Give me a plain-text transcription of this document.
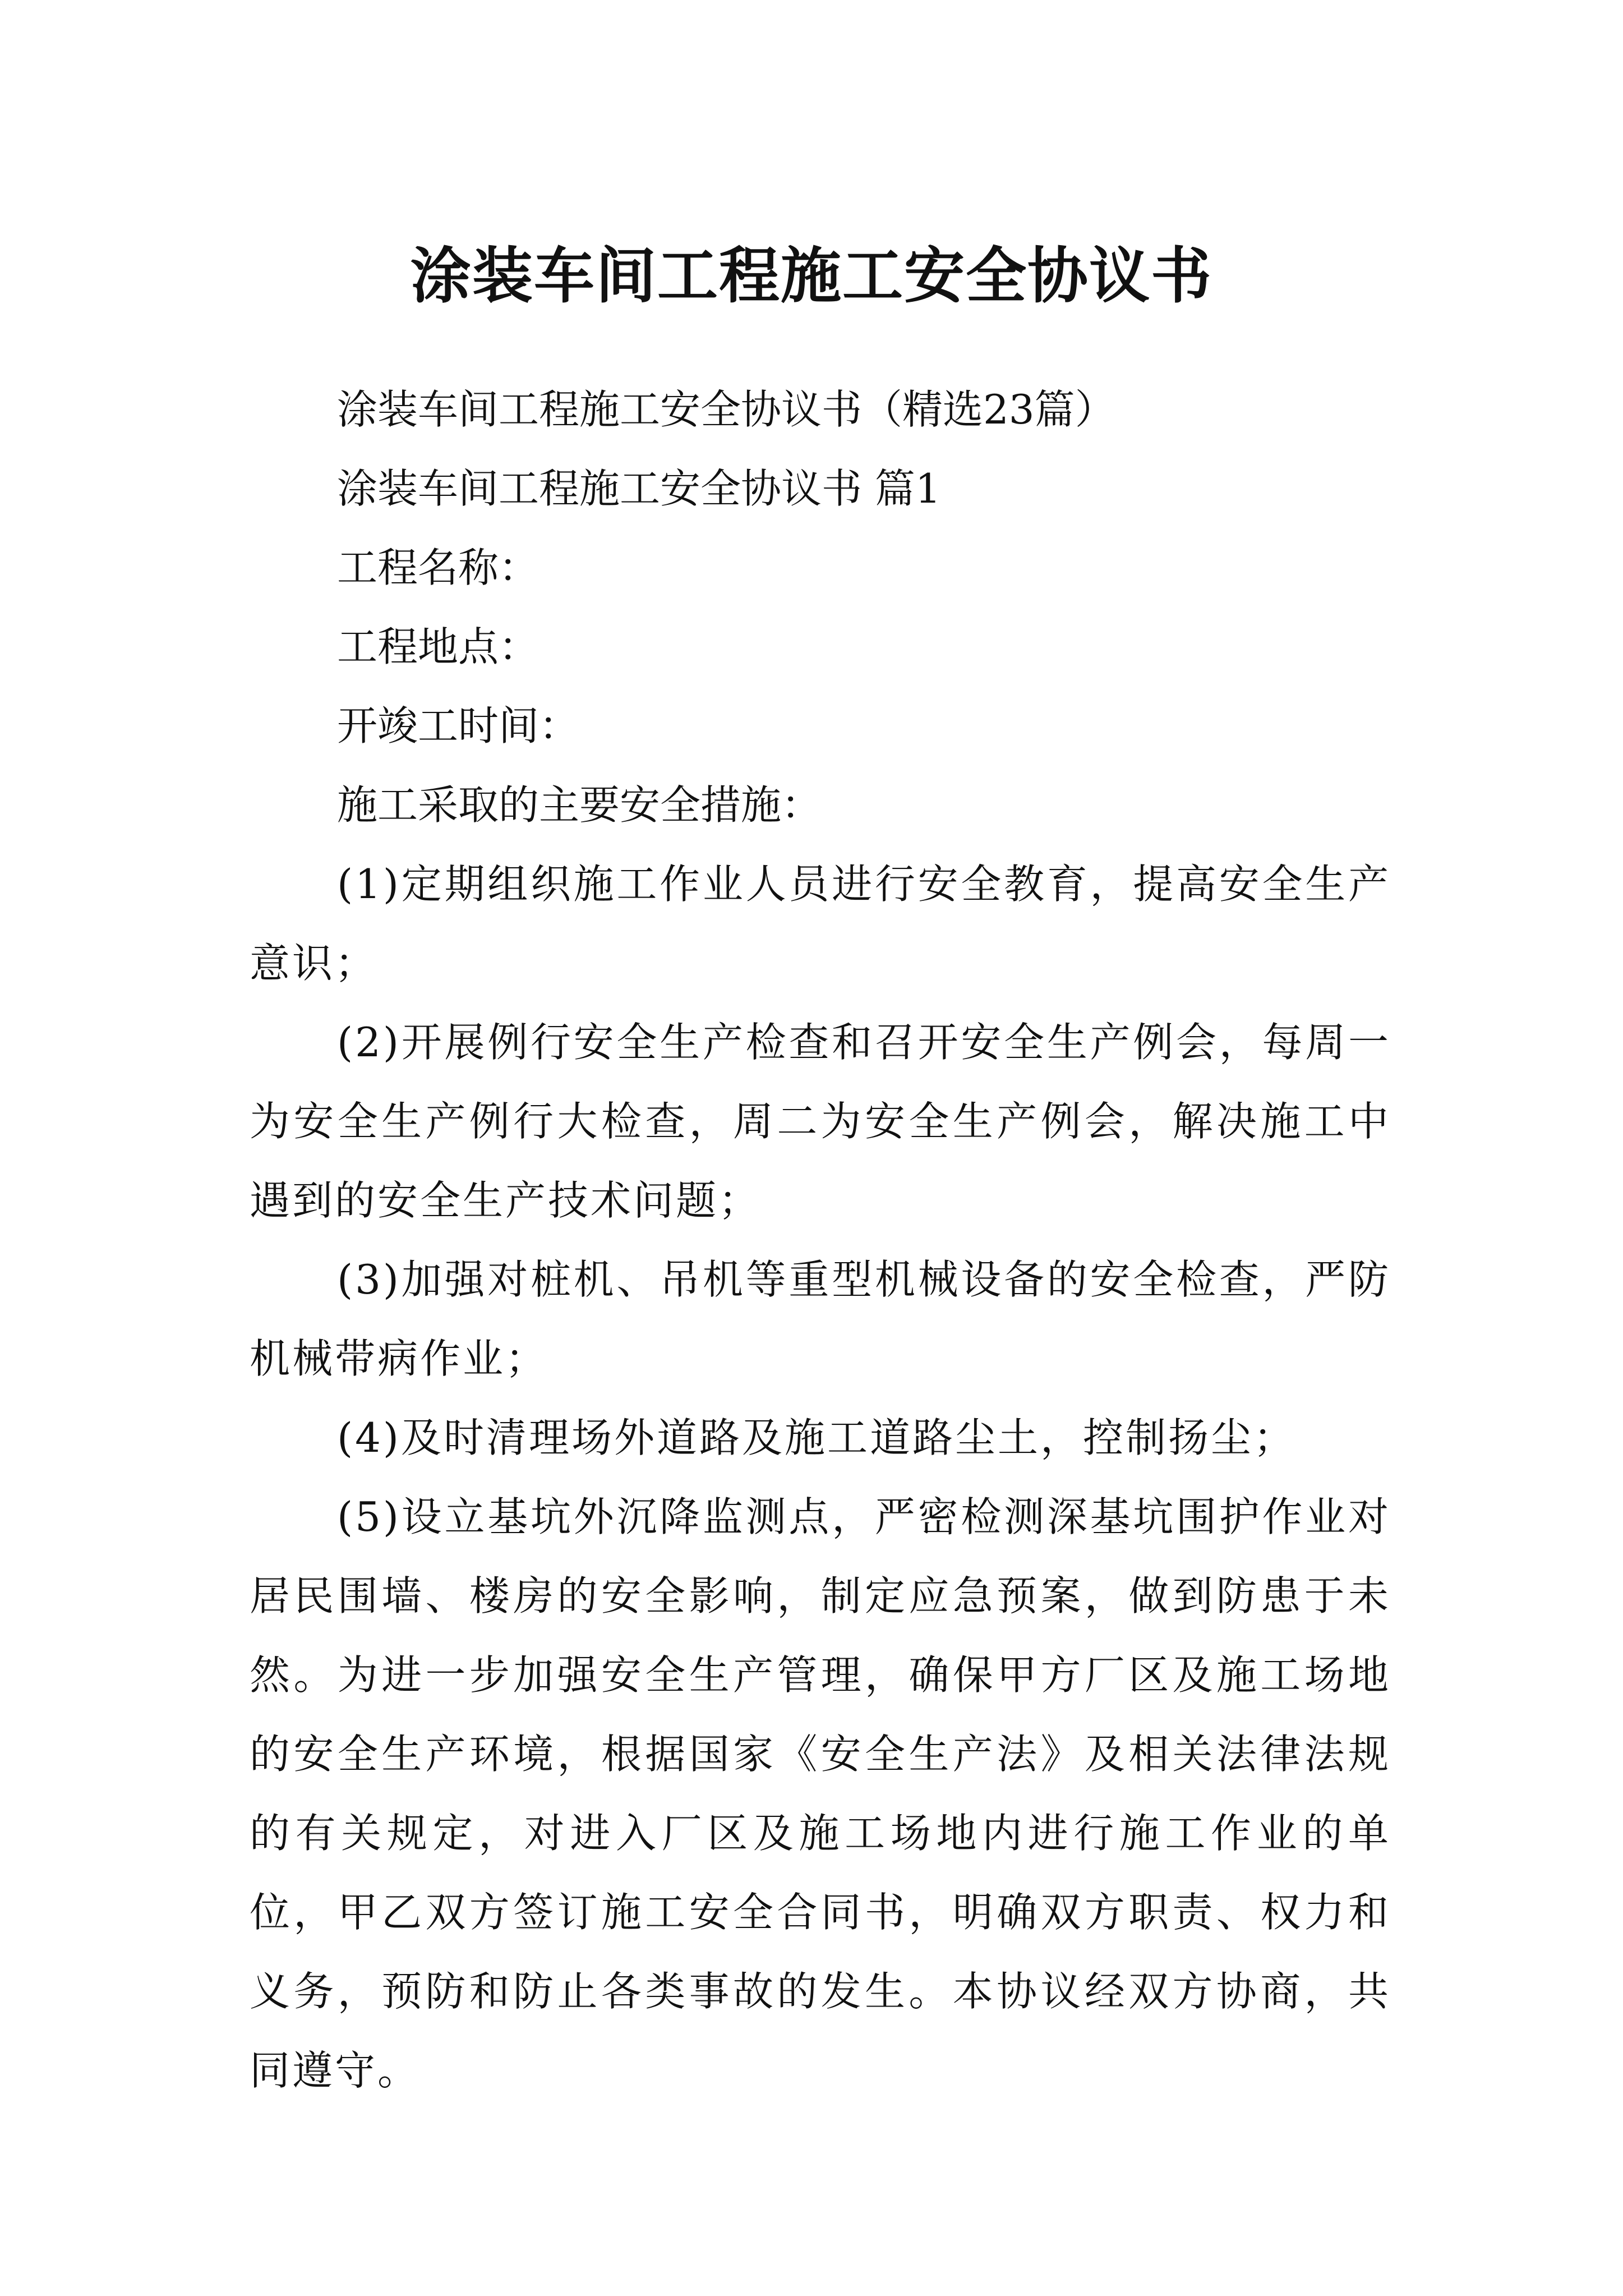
涂装车间工程施工安全协议书

涂装车间工程施工安全协议书（精选23篇）

涂装车间工程施工安全协议书 篇1

工程名称：

工程地点：

开竣工时间：

施工采取的主要安全措施：

(1)定期组织施工作业人员进行安全教育，提高安全生产意识；

(2)开展例行安全生产检查和召开安全生产例会，每周一为安全生产例行大检查，周二为安全生产例会，解决施工中遇到的安全生产技术问题；

(3)加强对桩机、吊机等重型机械设备的安全检查，严防机械带病作业；

(4)及时清理场外道路及施工道路尘土，控制扬尘；

(5)设立基坑外沉降监测点，严密检测深基坑围护作业对居民围墙、楼房的安全影响，制定应急预案，做到防患于未然。为进一步加强安全生产管理，确保甲方厂区及施工场地的安全生产环境，根据国家《安全生产法》及相关法律法规的有关规定，对进入厂区及施工场地内进行施工作业的单位，甲乙双方签订施工安全合同书，明确双方职责、权力和义务，预防和防止各类事故的发生。本协议经双方协商，共同遵守。
